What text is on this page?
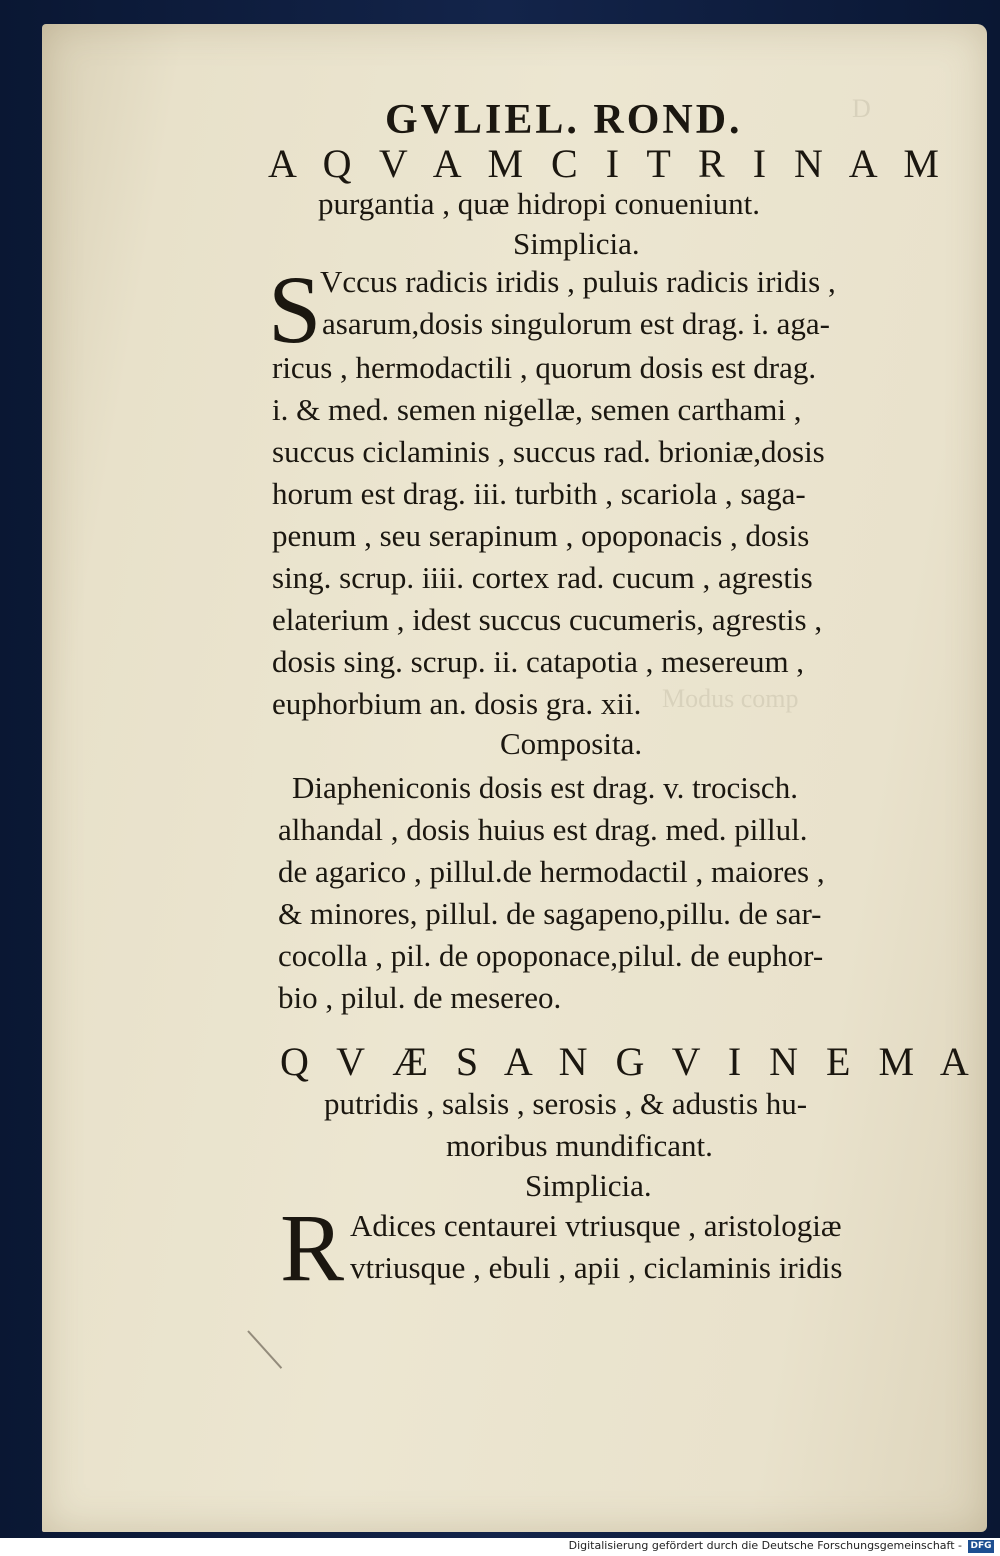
D
Modus comp
GVLIEL. ROND.
A Q V A M C I T R I N A M
purgantia , quæ hidropi conueniunt.
Simplicia.
S
Vccus radicis iridis , puluis radicis iridis ,
asarum,dosis singulorum est drag. i. aga-
ricus , hermodactili , quorum dosis est drag.
i. & med. semen nigellæ, semen carthami ,
succus ciclaminis , succus rad. brioniæ,dosis
horum est drag. iii. turbith , scariola , saga-
penum , seu serapinum , opoponacis , dosis
sing. scrup. iiii. cortex rad. cucum , agrestis
elaterium , idest succus cucumeris, agrestis ,
dosis sing. scrup. ii. catapotia , mesereum ,
euphorbium an. dosis gra. xii.
Composita.
Diapheniconis dosis est drag. v. trocisch.
alhandal , dosis huius est drag. med. pillul.
de agarico , pillul.de hermodactil , maiores ,
& minores, pillul. de sagapeno,pillu. de sar-
cocolla , pil. de opoponace,pilul. de euphor-
bio , pilul. de mesereo.
Q V Æ S A N G V I N E M A
putridis , salsis , serosis , & adustis hu-
moribus mundificant.
Simplicia.
R Adices centaurei vtriusque , aristologiæ
vtriusque , ebuli , apii , ciclaminis iridis
Digitalisierung gefördert durch die Deutsche Forschungsgemeinschaft - DFG
